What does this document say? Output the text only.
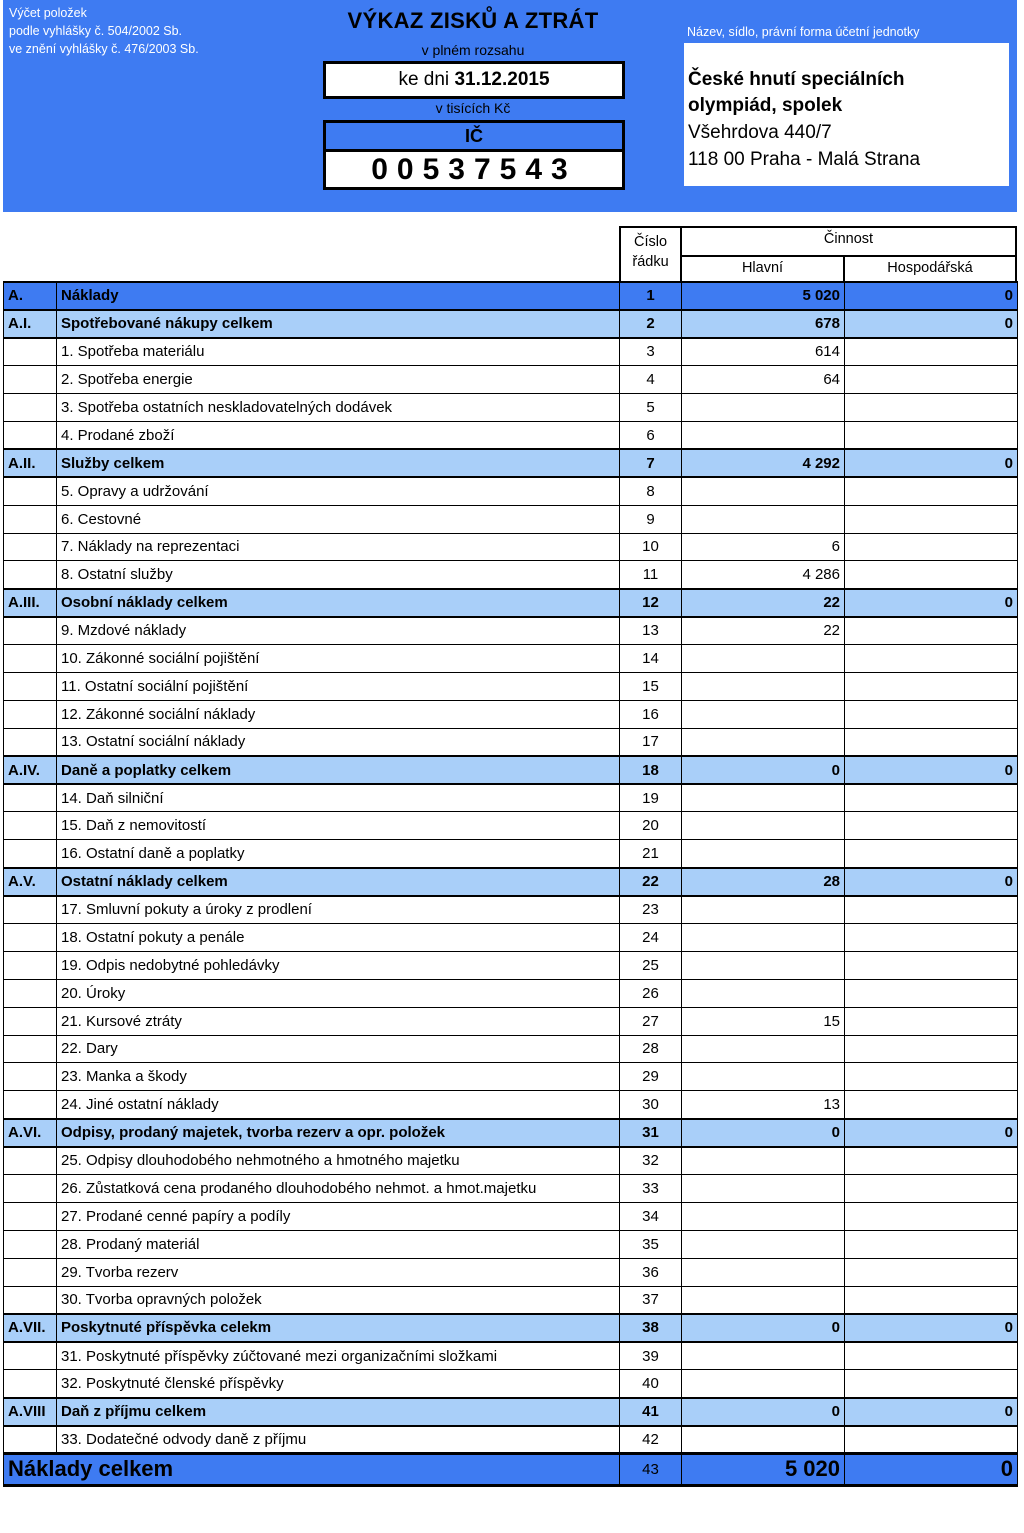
Výčet položek
podle vyhlášky č. 504/2002 Sb.
ve znění vyhlášky č. 476/2003 Sb.
VÝKAZ ZISKŮ A ZTRÁT
v plném rozsahu
ke dni 31.12.2015
v tisících Kč
IČ
00537543
Název, sídlo, právní forma účetní jednotky
České hnutí speciálních
olympiád, spolek
Všehrdova 440/7
118 00 Praha - Malá Strana
Číslo
řádku
Činnost
Hlavní	Hospodářská
A.	Náklady	1	5 020	0
A.I.	Spotřebované nákupy celkem	2	678	0
	1. Spotřeba materiálu	3	614	
	2. Spotřeba energie	4	64	
	3. Spotřeba ostatních neskladovatelných dodávek	5		
	4. Prodané zboží	6		
A.II.	Služby celkem	7	4 292	0
	5. Opravy a udržování	8		
	6. Cestovné	9		
	7. Náklady na reprezentaci	10	6	
	8. Ostatní služby	11	4 286	
A.III.	Osobní náklady celkem	12	22	0
	9. Mzdové náklady	13	22	
	10. Zákonné sociální pojištění	14		
	11. Ostatní sociální pojištění	15		
	12. Zákonné sociální náklady	16		
	13. Ostatní sociální náklady	17		
A.IV.	Daně a poplatky celkem	18	0	0
	14. Daň silniční	19		
	15. Daň z nemovitostí	20		
	16. Ostatní daně a poplatky	21		
A.V.	Ostatní náklady celkem	22	28	0
	17. Smluvní pokuty a úroky z prodlení	23		
	18. Ostatní pokuty a penále	24		
	19. Odpis nedobytné pohledávky	25		
	20. Úroky	26		
	21. Kursové ztráty	27	15	
	22. Dary	28		
	23. Manka a škody	29		
	24. Jiné ostatní náklady	30	13	
A.VI.	Odpisy, prodaný majetek, tvorba rezerv a opr. položek	31	0	0
	25. Odpisy dlouhodobého nehmotného a hmotného majetku	32		
	26. Zůstatková cena prodaného dlouhodobého nehmot. a hmot.majetku	33		
	27. Prodané cenné papíry a podíly	34		
	28. Prodaný materiál	35		
	29. Tvorba rezerv	36		
	30. Tvorba opravných položek	37		
A.VII.	Poskytnuté příspěvka celekm	38	0	0
	31. Poskytnuté příspěvky zúčtované mezi organizačními složkami	39		
	32. Poskytnuté členské příspěvky	40		
A.VIII	Daň z příjmu celkem	41	0	0
	33. Dodatečné odvody daně z příjmu	42		
Náklady celkem		43	5 020	0
